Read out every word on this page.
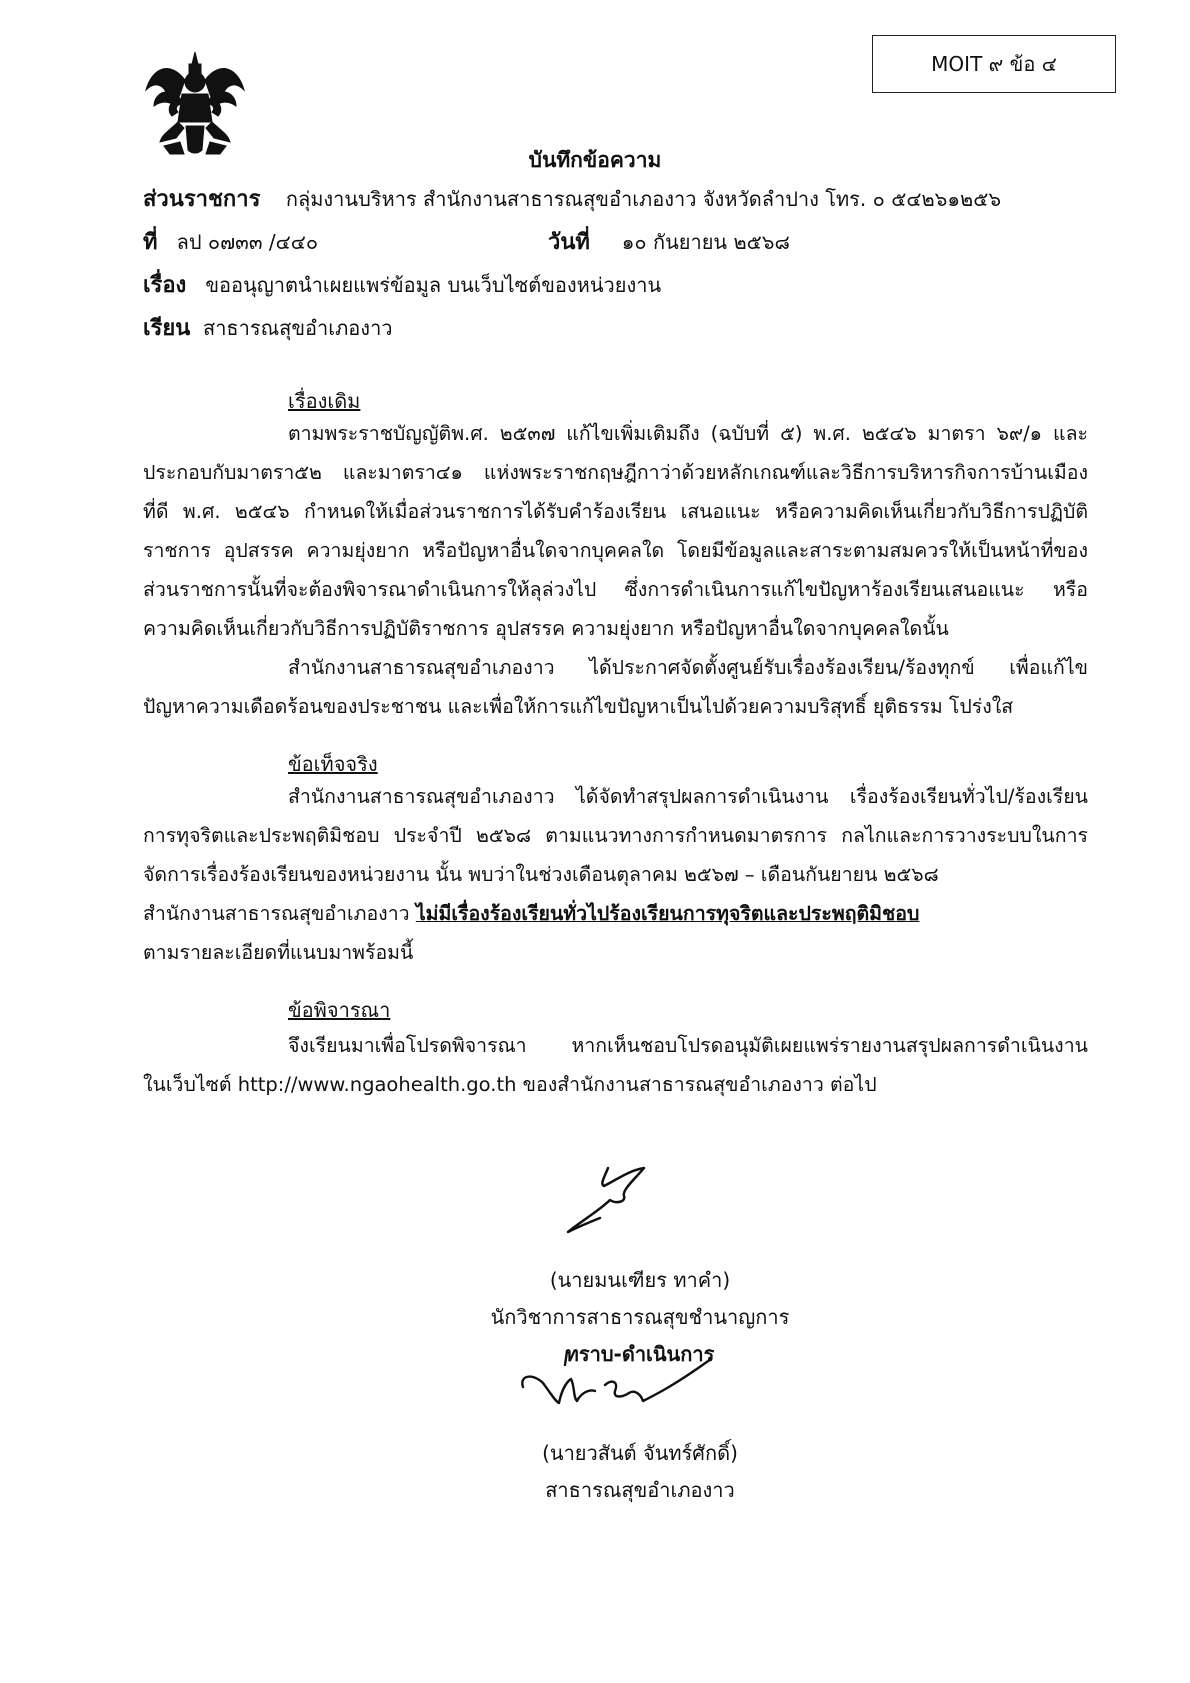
MOIT ๙ ข้อ ๔
บันทึกข้อความ
ส่วนราชการ กลุ่มงานบริหาร สำนักงานสาธารณสุขอำเภองาว จังหวัดลำปาง โทร. ๐ ๕๔๒๖๑๒๕๖
ที่ ลป ๐๗๓๓ /๔๔๐	วันที่ ๑๐ กันยายน ๒๕๖๘
เรื่อง ขออนุญาตนำเผยแพร่ข้อมูล บนเว็บไซต์ของหน่วยงาน
เรียน สาธารณสุขอำเภองาว
เรื่องเดิม
ตามพระราชบัญญัติพ.ศ. ๒๕๓๗ แก้ไขเพิ่มเติมถึง (ฉบับที่ ๕) พ.ศ. ๒๕๔๖ มาตรา ๖๙/๑ และ
ประกอบกับมาตรา๕๒ และมาตรา๔๑ แห่งพระราชกฤษฎีกาว่าด้วยหลักเกณฑ์และวิธีการบริหารกิจการบ้านเมือง
ที่ดี พ.ศ. ๒๕๔๖ กำหนดให้เมื่อส่วนราชการได้รับคำร้องเรียน เสนอแนะ หรือความคิดเห็นเกี่ยวกับวิธีการปฏิบัติ
ราชการ อุปสรรค ความยุ่งยาก หรือปัญหาอื่นใดจากบุคคลใด โดยมีข้อมูลและสาระตามสมควรให้เป็นหน้าที่ของ
ส่วนราชการนั้นที่จะต้องพิจารณาดำเนินการให้ลุล่วงไป ซึ่งการดำเนินการแก้ไขปัญหาร้องเรียนเสนอแนะ หรือ
ความคิดเห็นเกี่ยวกับวิธีการปฏิบัติราชการ อุปสรรค ความยุ่งยาก หรือปัญหาอื่นใดจากบุคคลใดนั้น
สำนักงานสาธารณสุขอำเภองาว ได้ประกาศจัดตั้งศูนย์รับเรื่องร้องเรียน/ร้องทุกข์ เพื่อแก้ไข
ปัญหาความเดือดร้อนของประชาชน และเพื่อให้การแก้ไขปัญหาเป็นไปด้วยความบริสุทธิ์ ยุติธรรม โปร่งใส
ข้อเท็จจริง
สำนักงานสาธารณสุขอำเภองาว ได้จัดทำสรุปผลการดำเนินงาน เรื่องร้องเรียนทั่วไป/ร้องเรียน
การทุจริตและประพฤติมิชอบ ประจำปี ๒๕๖๘ ตามแนวทางการกำหนดมาตรการ กลไกและการวางระบบในการ
จัดการเรื่องร้องเรียนของหน่วยงาน นั้น พบว่าในช่วงเดือนตุลาคม ๒๕๖๗ – เดือนกันยายน ๒๕๖๘
สำนักงานสาธารณสุขอำเภองาว ไม่มีเรื่องร้องเรียนทั่วไปร้องเรียนการทุจริตและประพฤติมิชอบ
ตามรายละเอียดที่แนบมาพร้อมนี้
ข้อพิจารณา
จึงเรียนมาเพื่อโปรดพิจารณา หากเห็นชอบโปรดอนุมัติเผยแพร่รายงานสรุปผลการดำเนินงาน
ในเว็บไซต์ http://www.ngaohealth.go.th ของสำนักงานสาธารณสุขอำเภองาว ต่อไป
(นายมนเฑียร ทาคำ)
นักวิชาการสาธารณสุขชำนาญการ
ทราบ-ดำเนินการ
(นายวสันต์ จันทร์ศักดิ์)
สาธารณสุขอำเภองาว
